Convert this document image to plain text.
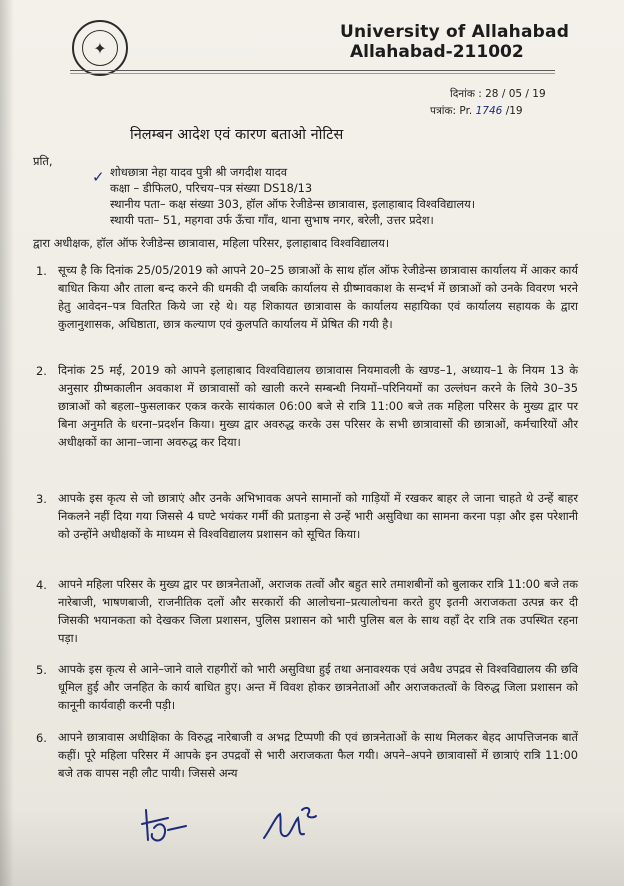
✦
University of Allahabad
Allahabad-211002
दिनांक : 28 / 05 / 19
पत्रांक: Pr. 1746 /19
निलम्बन आदेश एवं कारण बताओ नोटिस
प्रति,
✓ शोधछात्रा नेहा यादव पुत्री श्री जगदीश यादव
कक्षा – डीफिल0, परिचय–पत्र संख्या DS18/13
स्थानीय पता– कक्ष संख्या 303, हॉल ऑफ रेजीडेन्स छात्रावास, इलाहाबाद विश्वविद्यालय।
स्थायी पता– 51, महगवा उर्फ ऊँचा गाँव, थाना सुभाष नगर, बरेली, उत्तर प्रदेश।
द्वारा अधीक्षक, हॉल ऑफ रेजीडेन्स छात्रावास, महिला परिसर, इलाहाबाद विश्वविद्यालय।
1. सूच्य है कि दिनांक 25/05/2019 को आपने 20–25 छात्राओं के साथ हॉल ऑफ रेजीडेन्स छात्रावास कार्यालय में आकर कार्य बाधित किया और ताला बन्द करने की धमकी दी जबकि कार्यालय से ग्रीष्मावकाश के सन्दर्भ में छात्राओं को उनके विवरण भरने हेतु आवेदन–पत्र वितरित किये जा रहे थे। यह शिकायत छात्रावास के कार्यालय सहायिका एवं कार्यालय सहायक के द्वारा कुलानुशासक, अधिष्ठाता, छात्र कल्याण एवं कुलपति कार्यालय में प्रेषित की गयी है।
2. दिनांक 25 मई, 2019 को आपने इलाहाबाद विश्वविद्यालय छात्रावास नियमावली के खण्ड–1, अध्याय–1 के नियम 13 के अनुसार ग्रीष्मकालीन अवकाश में छात्रावासों को खाली करने सम्बन्धी नियमों–परिनियमों का उल्लंघन करने के लिये 30–35 छात्राओं को बहला–फुसलाकर एकत्र करके सायंकाल 06:00 बजे से रात्रि 11:00 बजे तक महिला परिसर के मुख्य द्वार पर बिना अनुमति के धरना–प्रदर्शन किया। मुख्य द्वार अवरुद्ध करके उस परिसर के सभी छात्रावासों की छात्राओं, कर्मचारियों और अधीक्षकों का आना–जाना अवरुद्ध कर दिया।
3. आपके इस कृत्य से जो छात्राएं और उनके अभिभावक अपने सामानों को गाड़ियों में रखकर बाहर ले जाना चाहते थे उन्हें बाहर निकलने नहीं दिया गया जिससे 4 घण्टे भयंकर गर्मी की प्रताड़ना से उन्हें भारी असुविधा का सामना करना पड़ा और इस परेशानी को उन्होंने अधीक्षकों के माध्यम से विश्वविद्यालय प्रशासन को सूचित किया।
4. आपने महिला परिसर के मुख्य द्वार पर छात्रनेताओं, अराजक तत्वों और बहुत सारे तमाशबीनों को बुलाकर रात्रि 11:00 बजे तक नारेबाजी, भाषणबाजी, राजनीतिक दलों और सरकारों की आलोचना–प्रत्यालोचना करते हुए इतनी अराजकता उत्पन्न कर दी जिसकी भयानकता को देखकर जिला प्रशासन, पुलिस प्रशासन को भारी पुलिस बल के साथ वहाँ देर रात्रि तक उपस्थित रहना पड़ा।
5. आपके इस कृत्य से आने–जाने वाले राहगीरों को भारी असुविधा हुई तथा अनावश्यक एवं अवैध उपद्रव से विश्वविद्यालय की छवि धूमिल हुई और जनहित के कार्य बाधित हुए। अन्त में विवश होकर छात्रनेताओं और अराजकतत्वों के विरुद्ध जिला प्रशासन को कानूनी कार्यवाही करनी पड़ी।
6. आपने छात्रावास अधीक्षिका के विरुद्ध नारेबाजी व अभद्र टिप्पणी की एवं छात्रनेताओं के साथ मिलकर बेहद आपत्तिजनक बातें कहीं। पूरे महिला परिसर में आपके इन उपद्रवों से भारी अराजकता फैल गयी। अपने–अपने छात्रावासों में छात्राएं रात्रि 11:00 बजे तक वापस नही लौट पायी। जिससे अन्य
